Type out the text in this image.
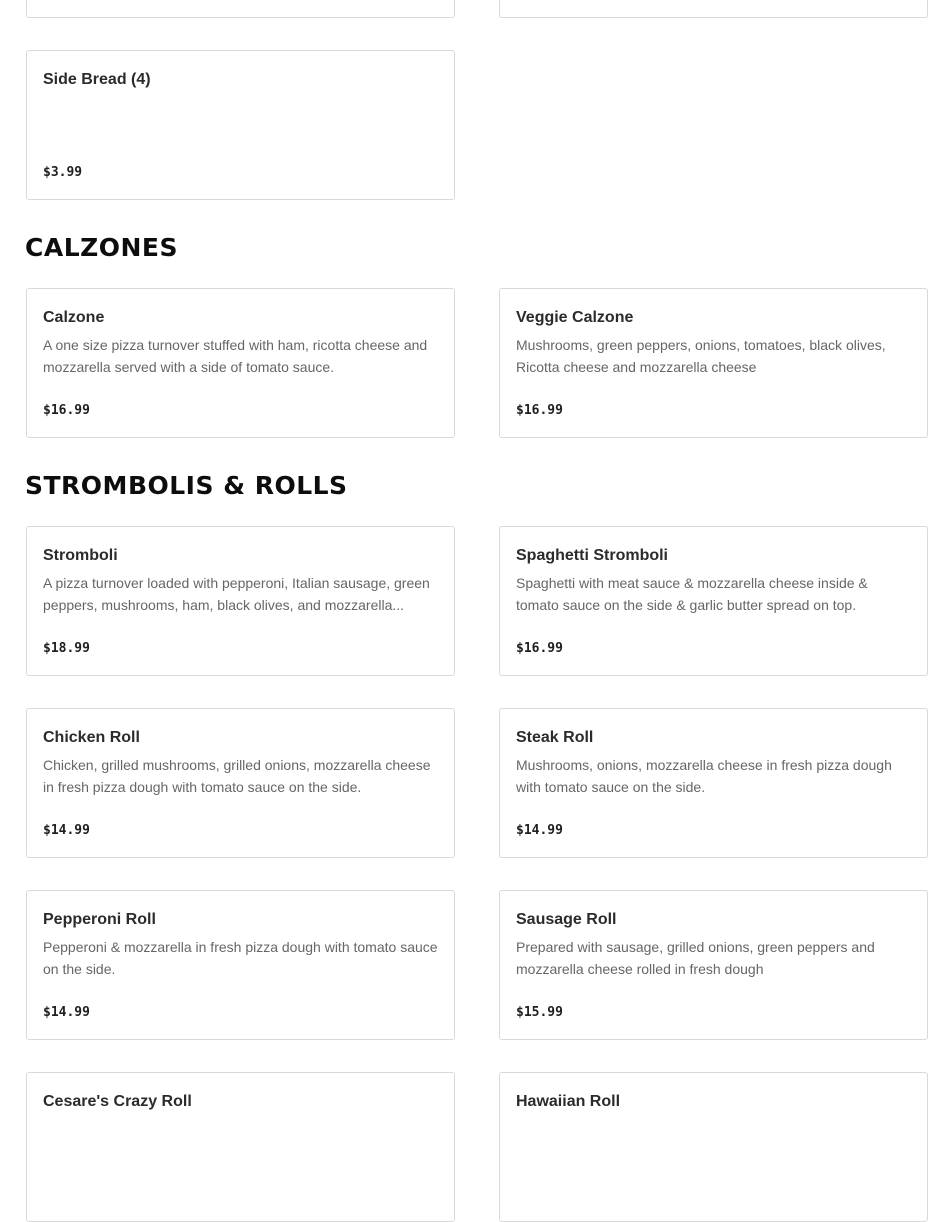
Side Bread (4)
$3.99
CALZONES
Calzone
A one size pizza turnover stuffed with ham, ricotta cheese and mozzarella served with a side of tomato sauce.
$16.99
Veggie Calzone
Mushrooms, green peppers, onions, tomatoes, black olives, Ricotta cheese and mozzarella cheese
$16.99
STROMBOLIS & ROLLS
Stromboli
A pizza turnover loaded with pepperoni, Italian sausage, green peppers, mushrooms, ham, black olives, and mozzarella...
$18.99
Spaghetti Stromboli
Spaghetti with meat sauce & mozzarella cheese inside & tomato sauce on the side & garlic butter spread on top.
$16.99
Chicken Roll
Chicken, grilled mushrooms, grilled onions, mozzarella cheese in fresh pizza dough with tomato sauce on the side.
$14.99
Steak Roll
Mushrooms, onions, mozzarella cheese in fresh pizza dough with tomato sauce on the side.
$14.99
Pepperoni Roll
Pepperoni & mozzarella in fresh pizza dough with tomato sauce on the side.
$14.99
Sausage Roll
Prepared with sausage, grilled onions, green peppers and mozzarella cheese rolled in fresh dough
$15.99
Cesare's Crazy Roll	Hawaiian Roll
